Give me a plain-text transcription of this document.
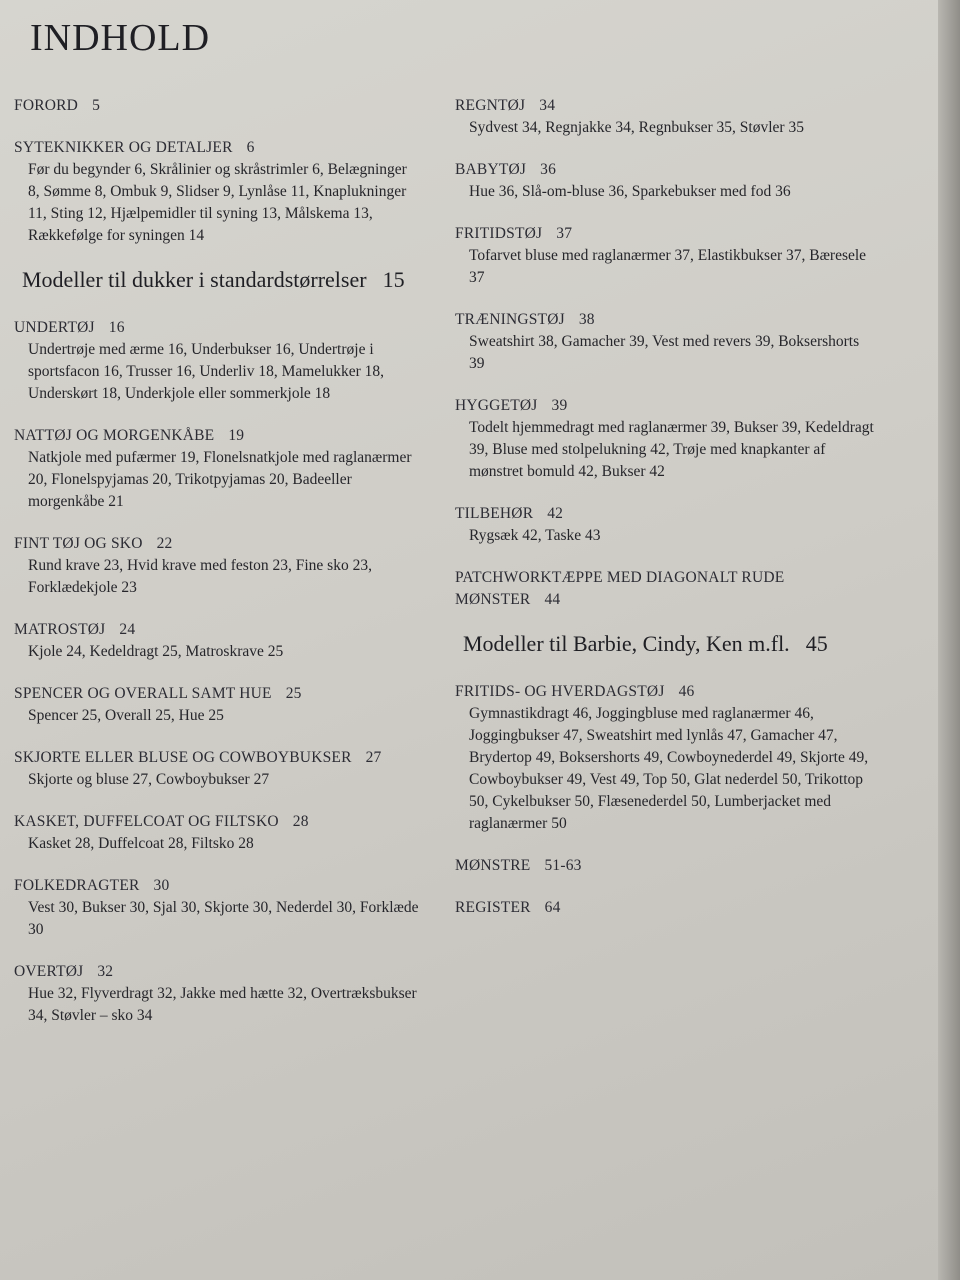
INDHOLD
FORORD 5
SYTEKNIKKER OG DETALJER 6
Før du begynder 6, Skrålinier og skråstrimler 6, Belægninger 8, Sømme 8, Ombuk 9, Slidser 9, Lynlåse 11, Knaplukninger 11, Sting 12, Hjælpemidler til syning 13, Målskema 13, Rækkefølge for syningen 14
Modeller til dukker i standardstørrelser 15
UNDERTØJ 16
Undertrøje med ærme 16, Underbukser 16, Undertrøje i sportsfacon 16, Trusser 16, Underliv 18, Mamelukker 18, Underskørt 18, Underkjole eller sommerkjole 18
NATTØJ OG MORGENKÅBE 19
Natkjole med pufærmer 19, Flonelsnatkjole med raglanærmer 20, Flonelspyjamas 20, Trikotpyjamas 20, Badeeller morgenkåbe 21
FINT TØJ OG SKO 22
Rund krave 23, Hvid krave med feston 23, Fine sko 23, Forklædekjole 23
MATROSTØJ 24
Kjole 24, Kedeldragt 25, Matroskrave 25
SPENCER OG OVERALL SAMT HUE 25
Spencer 25, Overall 25, Hue 25
SKJORTE ELLER BLUSE OG COWBOYBUKSER 27
Skjorte og bluse 27, Cowboybukser 27
KASKET, DUFFELCOAT OG FILTSKO 28
Kasket 28, Duffelcoat 28, Filtsko 28
FOLKEDRAGTER 30
Vest 30, Bukser 30, Sjal 30, Skjorte 30, Nederdel 30, Forklæde 30
OVERTØJ 32
Hue 32, Flyverdragt 32, Jakke med hætte 32, Overtræksbukser 34, Støvler – sko 34
REGNTØJ 34
Sydvest 34, Regnjakke 34, Regnbukser 35, Støvler 35
BABYTØJ 36
Hue 36, Slå-om-bluse 36, Sparkebukser med fod 36
FRITIDSTØJ 37
Tofarvet bluse med raglanærmer 37, Elastikbukser 37, Bæresele 37
TRÆNINGSTØJ 38
Sweatshirt 38, Gamacher 39, Vest med revers 39, Boksershorts 39
HYGGETØJ 39
Todelt hjemmedragt med raglanærmer 39, Bukser 39, Kedeldragt 39, Bluse med stolpelukning 42, Trøje med knapkanter af mønstret bomuld 42, Bukser 42
TILBEHØR 42
Rygsæk 42, Taske 43
PATCHWORKTÆPPE MED DIAGONALT RUDE MØNSTER 44
Modeller til Barbie, Cindy, Ken m.fl. 45
FRITIDS- OG HVERDAGSTØJ 46
Gymnastikdragt 46, Joggingbluse med raglanærmer 46, Joggingbukser 47, Sweatshirt med lynlås 47, Gamacher 47, Brydertop 49, Boksershorts 49, Cowboynederdel 49, Skjorte 49, Cowboybukser 49, Vest 49, Top 50, Glat nederdel 50, Trikottop 50, Cykelbukser 50, Flæsenederdel 50, Lumberjacket med raglanærmer 50
MØNSTRE 51-63
REGISTER 64
